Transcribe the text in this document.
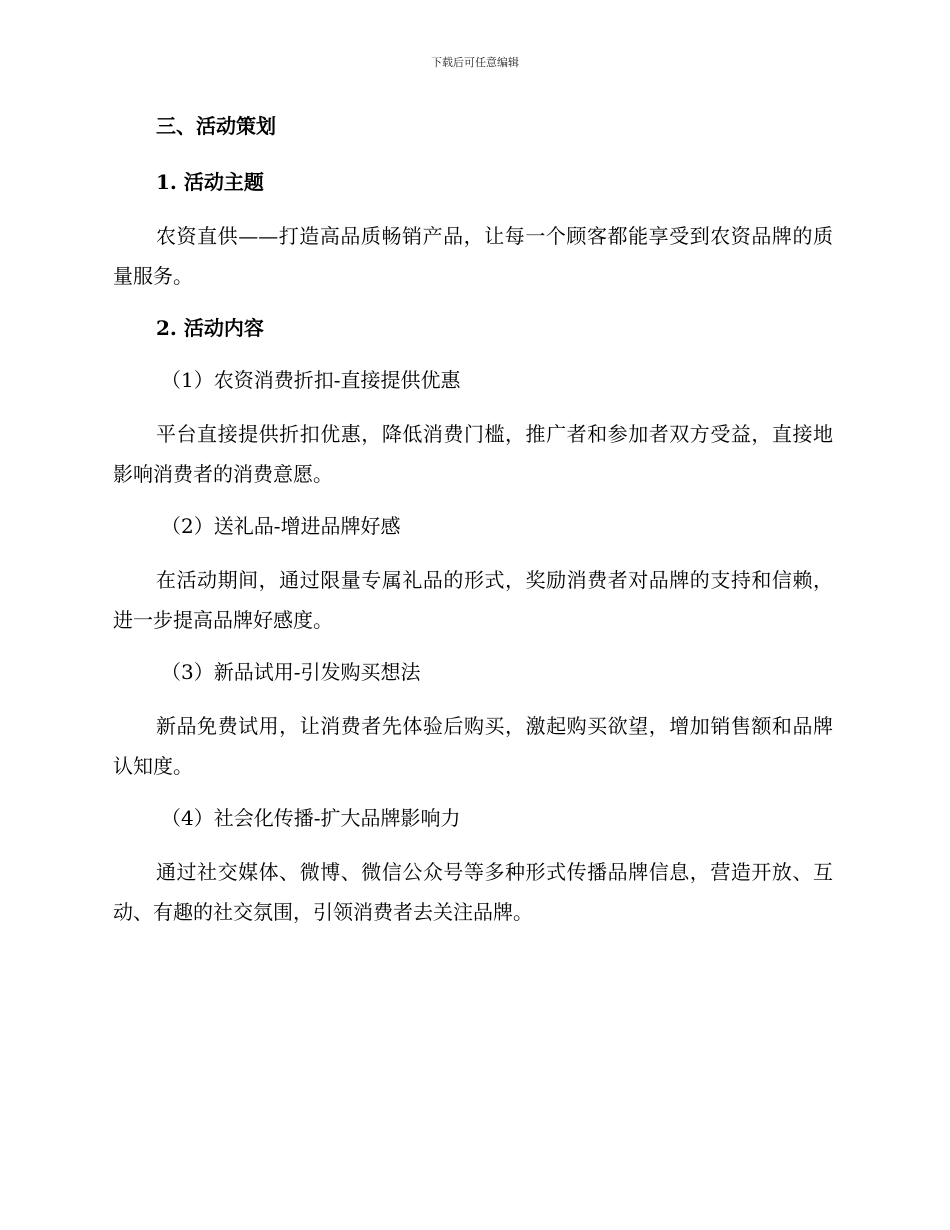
下载后可任意编辑

三、活动策划

1. 活动主题

农资直供——打造高品质畅销产品，让每一个顾客都能享受到农资品牌的质量服务。

2. 活动内容

（1）农资消费折扣-直接提供优惠

平台直接提供折扣优惠，降低消费门槛，推广者和参加者双方受益，直接地影响消费者的消费意愿。

（2）送礼品-增进品牌好感

在活动期间，通过限量专属礼品的形式，奖励消费者对品牌的支持和信赖，进一步提高品牌好感度。

（3）新品试用-引发购买想法

新品免费试用，让消费者先体验后购买，激起购买欲望，增加销售额和品牌认知度。

（4）社会化传播-扩大品牌影响力

通过社交媒体、微博、微信公众号等多种形式传播品牌信息，营造开放、互动、有趣的社交氛围，引领消费者去关注品牌。
